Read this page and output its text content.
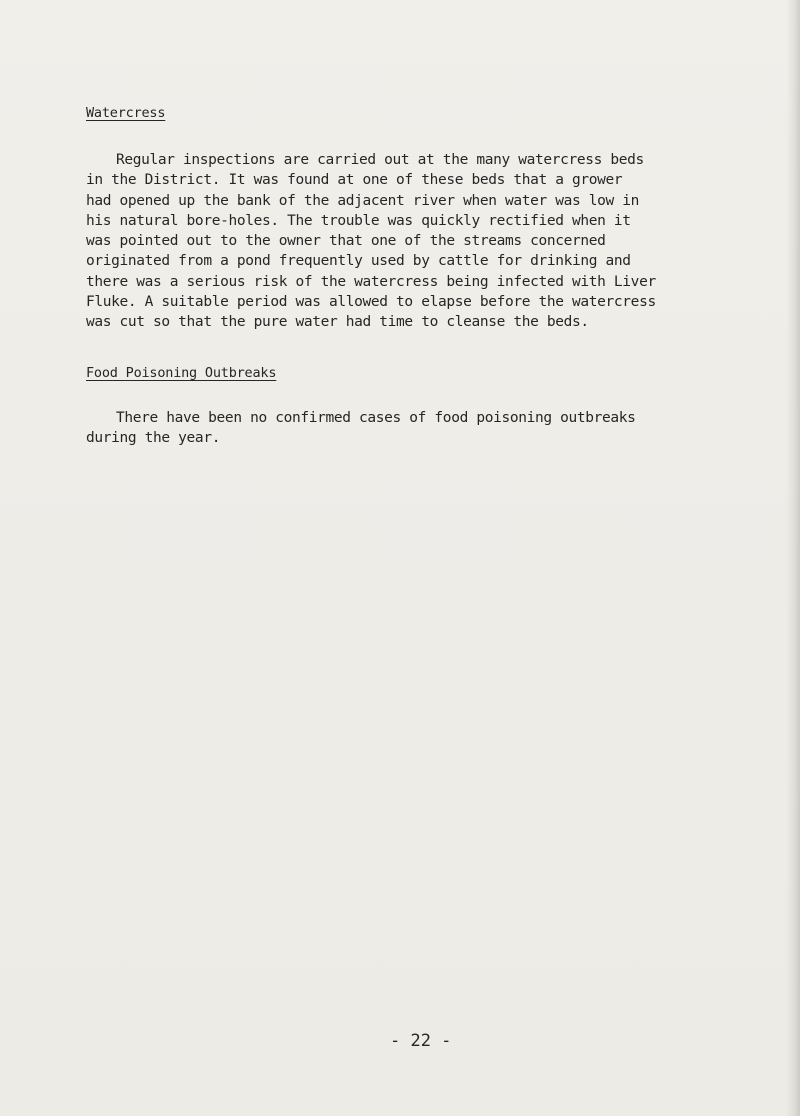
Watercress
Regular inspections are carried out at the many watercress beds
in the District. It was found at one of these beds that a grower
had opened up the bank of the adjacent river when water was low in
his natural bore-holes. The trouble was quickly rectified when it
was pointed out to the owner that one of the streams concerned
originated from a pond frequently used by cattle for drinking and
there was a serious risk of the watercress being infected with Liver
Fluke. A suitable period was allowed to elapse before the watercress
was cut so that the pure water had time to cleanse the beds.
Food Poisoning Outbreaks
There have been no confirmed cases of food poisoning outbreaks
during the year.
- 22 -
